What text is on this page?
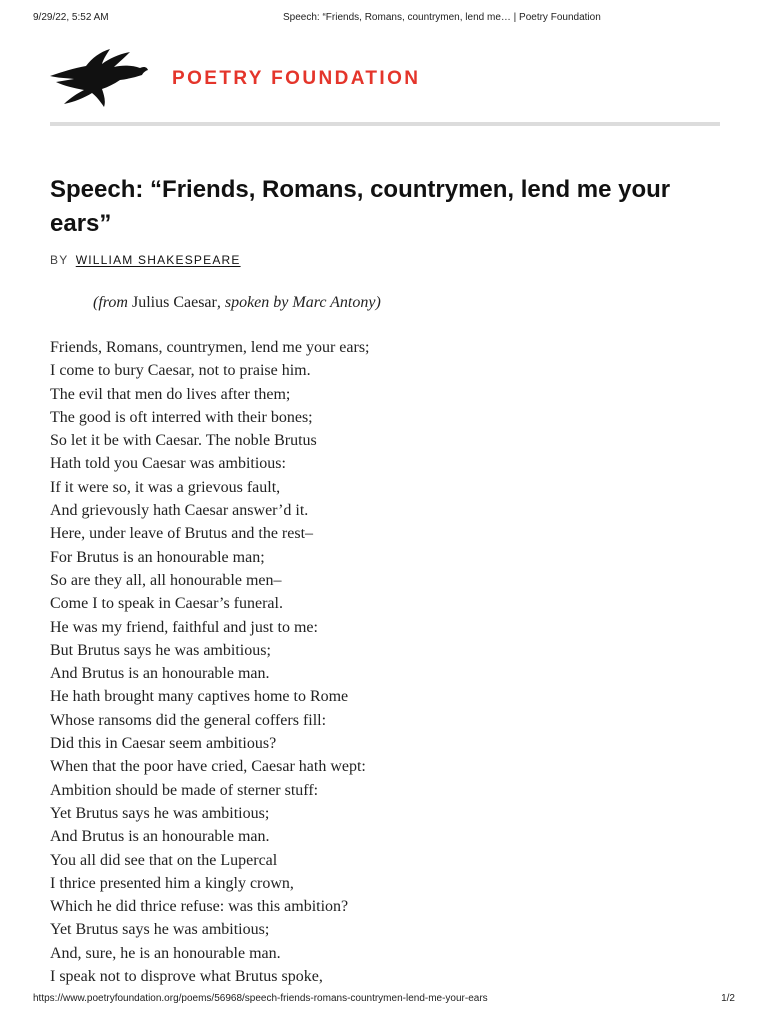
9/29/22, 5:52 AM	Speech: “Friends, Romans, countrymen, lend me… | Poetry Foundation
POETRY FOUNDATION
Speech: “Friends, Romans, countrymen, lend me your ears”
BY WILLIAM SHAKESPEARE
(from Julius Caesar, spoken by Marc Antony)
Friends, Romans, countrymen, lend me your ears;
I come to bury Caesar, not to praise him.
The evil that men do lives after them;
The good is oft interred with their bones;
So let it be with Caesar. The noble Brutus
Hath told you Caesar was ambitious:
If it were so, it was a grievous fault,
And grievously hath Caesar answer’d it.
Here, under leave of Brutus and the rest–
For Brutus is an honourable man;
So are they all, all honourable men–
Come I to speak in Caesar’s funeral.
He was my friend, faithful and just to me:
But Brutus says he was ambitious;
And Brutus is an honourable man.
He hath brought many captives home to Rome
Whose ransoms did the general coffers fill:
Did this in Caesar seem ambitious?
When that the poor have cried, Caesar hath wept:
Ambition should be made of sterner stuff:
Yet Brutus says he was ambitious;
And Brutus is an honourable man.
You all did see that on the Lupercal
I thrice presented him a kingly crown,
Which he did thrice refuse: was this ambition?
Yet Brutus says he was ambitious;
And, sure, he is an honourable man.
I speak not to disprove what Brutus spoke,
https://www.poetryfoundation.org/poems/56968/speech-friends-romans-countrymen-lend-me-your-ears	1/2
